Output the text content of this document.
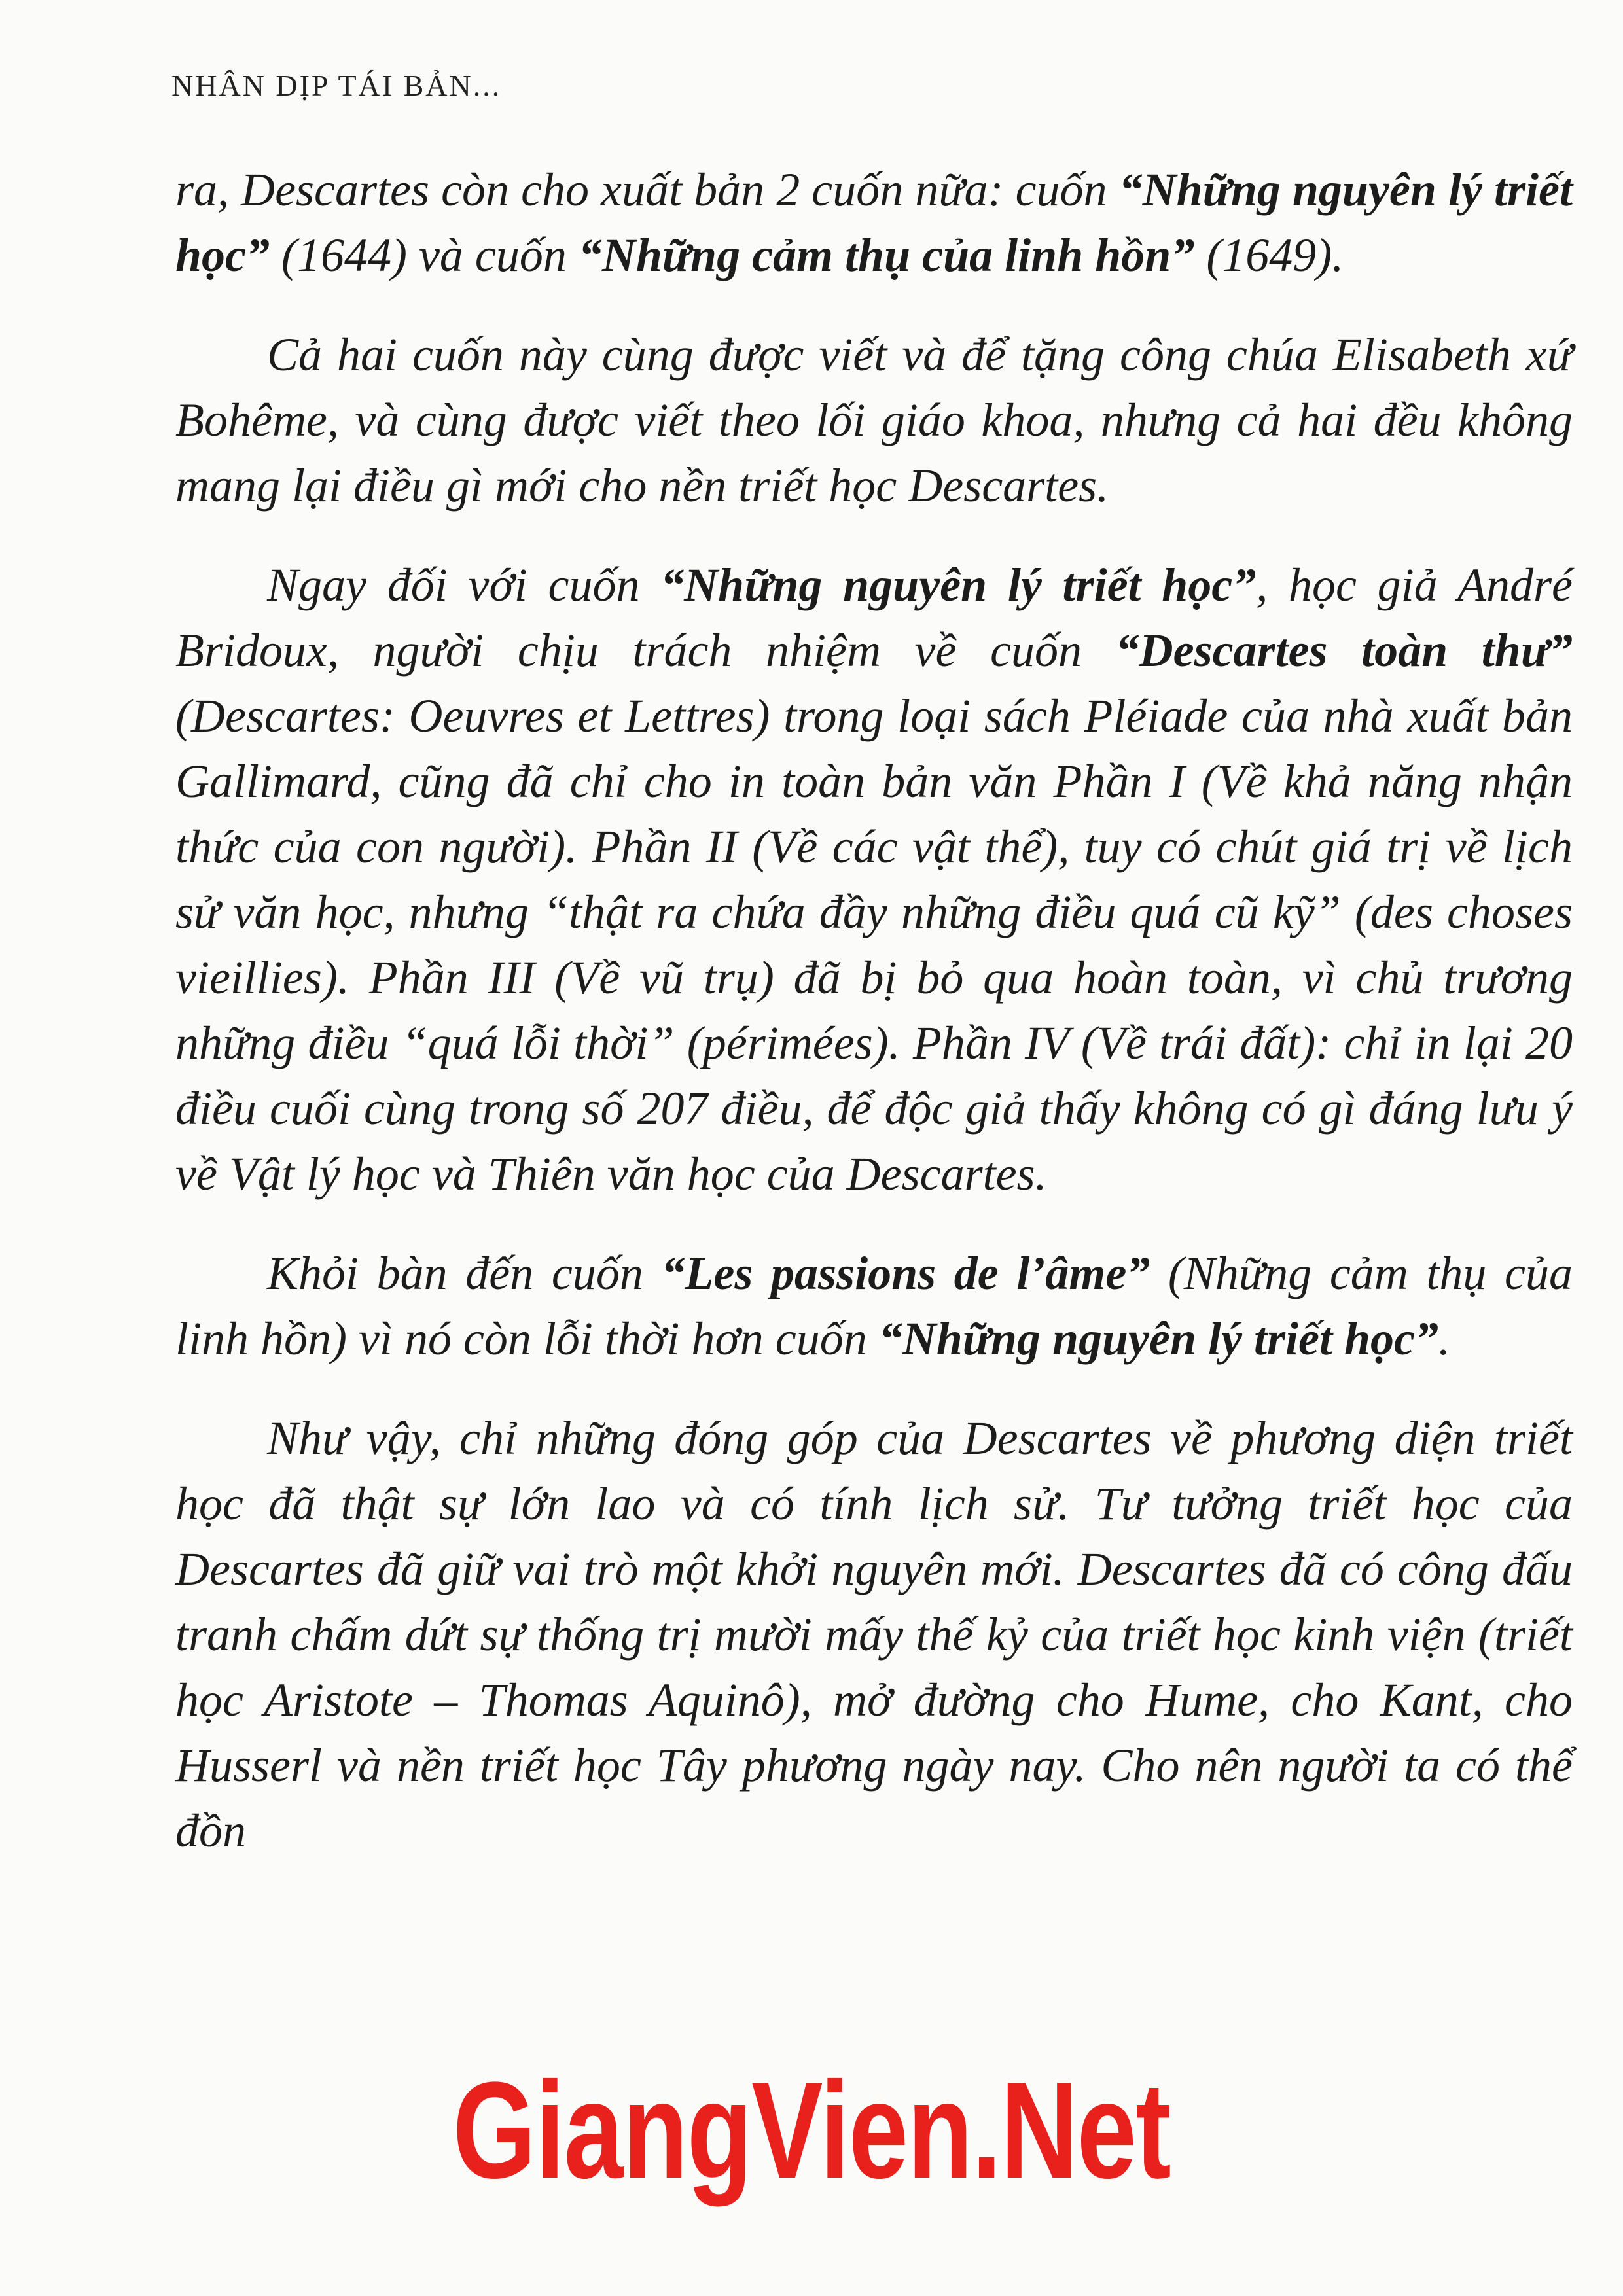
NHÂN DỊP TÁI BẢN...

ra, Descartes còn cho xuất bản 2 cuốn nữa: cuốn “Những nguyên lý triết học” (1644) và cuốn “Những cảm thụ của linh hồn” (1649).

Cả hai cuốn này cùng được viết và để tặng công chúa Elisabeth xứ Bohême, và cùng được viết theo lối giáo khoa, nhưng cả hai đều không mang lại điều gì mới cho nền triết học Descartes.

Ngay đối với cuốn “Những nguyên lý triết học”, học giả André Bridoux, người chịu trách nhiệm về cuốn “Descartes toàn thư” (Descartes: Oeuvres et Lettres) trong loại sách Pléiade của nhà xuất bản Gallimard, cũng đã chỉ cho in toàn bản văn Phần I (Về khả năng nhận thức của con người). Phần II (Về các vật thể), tuy có chút giá trị về lịch sử văn học, nhưng “thật ra chứa đầy những điều quá cũ kỹ” (des choses vieillies). Phần III (Về vũ trụ) đã bị bỏ qua hoàn toàn, vì chủ trương những điều “quá lỗi thời” (périmées). Phần IV (Về trái đất): chỉ in lại 20 điều cuối cùng trong số 207 điều, để độc giả thấy không có gì đáng lưu ý về Vật lý học và Thiên văn học của Descartes.

Khỏi bàn đến cuốn “Les passions de l’âme” (Những cảm thụ của linh hồn) vì nó còn lỗi thời hơn cuốn “Những nguyên lý triết học”.

Như vậy, chỉ những đóng góp của Descartes về phương diện triết học đã thật sự lớn lao và có tính lịch sử. Tư tưởng triết học của Descartes đã giữ vai trò một khởi nguyên mới. Descartes đã có công đấu tranh chấm dứt sự thống trị mười mấy thế kỷ của triết học kinh viện (triết học Aristote – Thomas Aquinô), mở đường cho Hume, cho Kant, cho Husserl và nền triết học Tây phương ngày nay. Cho nên người ta có thể đồn

GiangVien.Net
